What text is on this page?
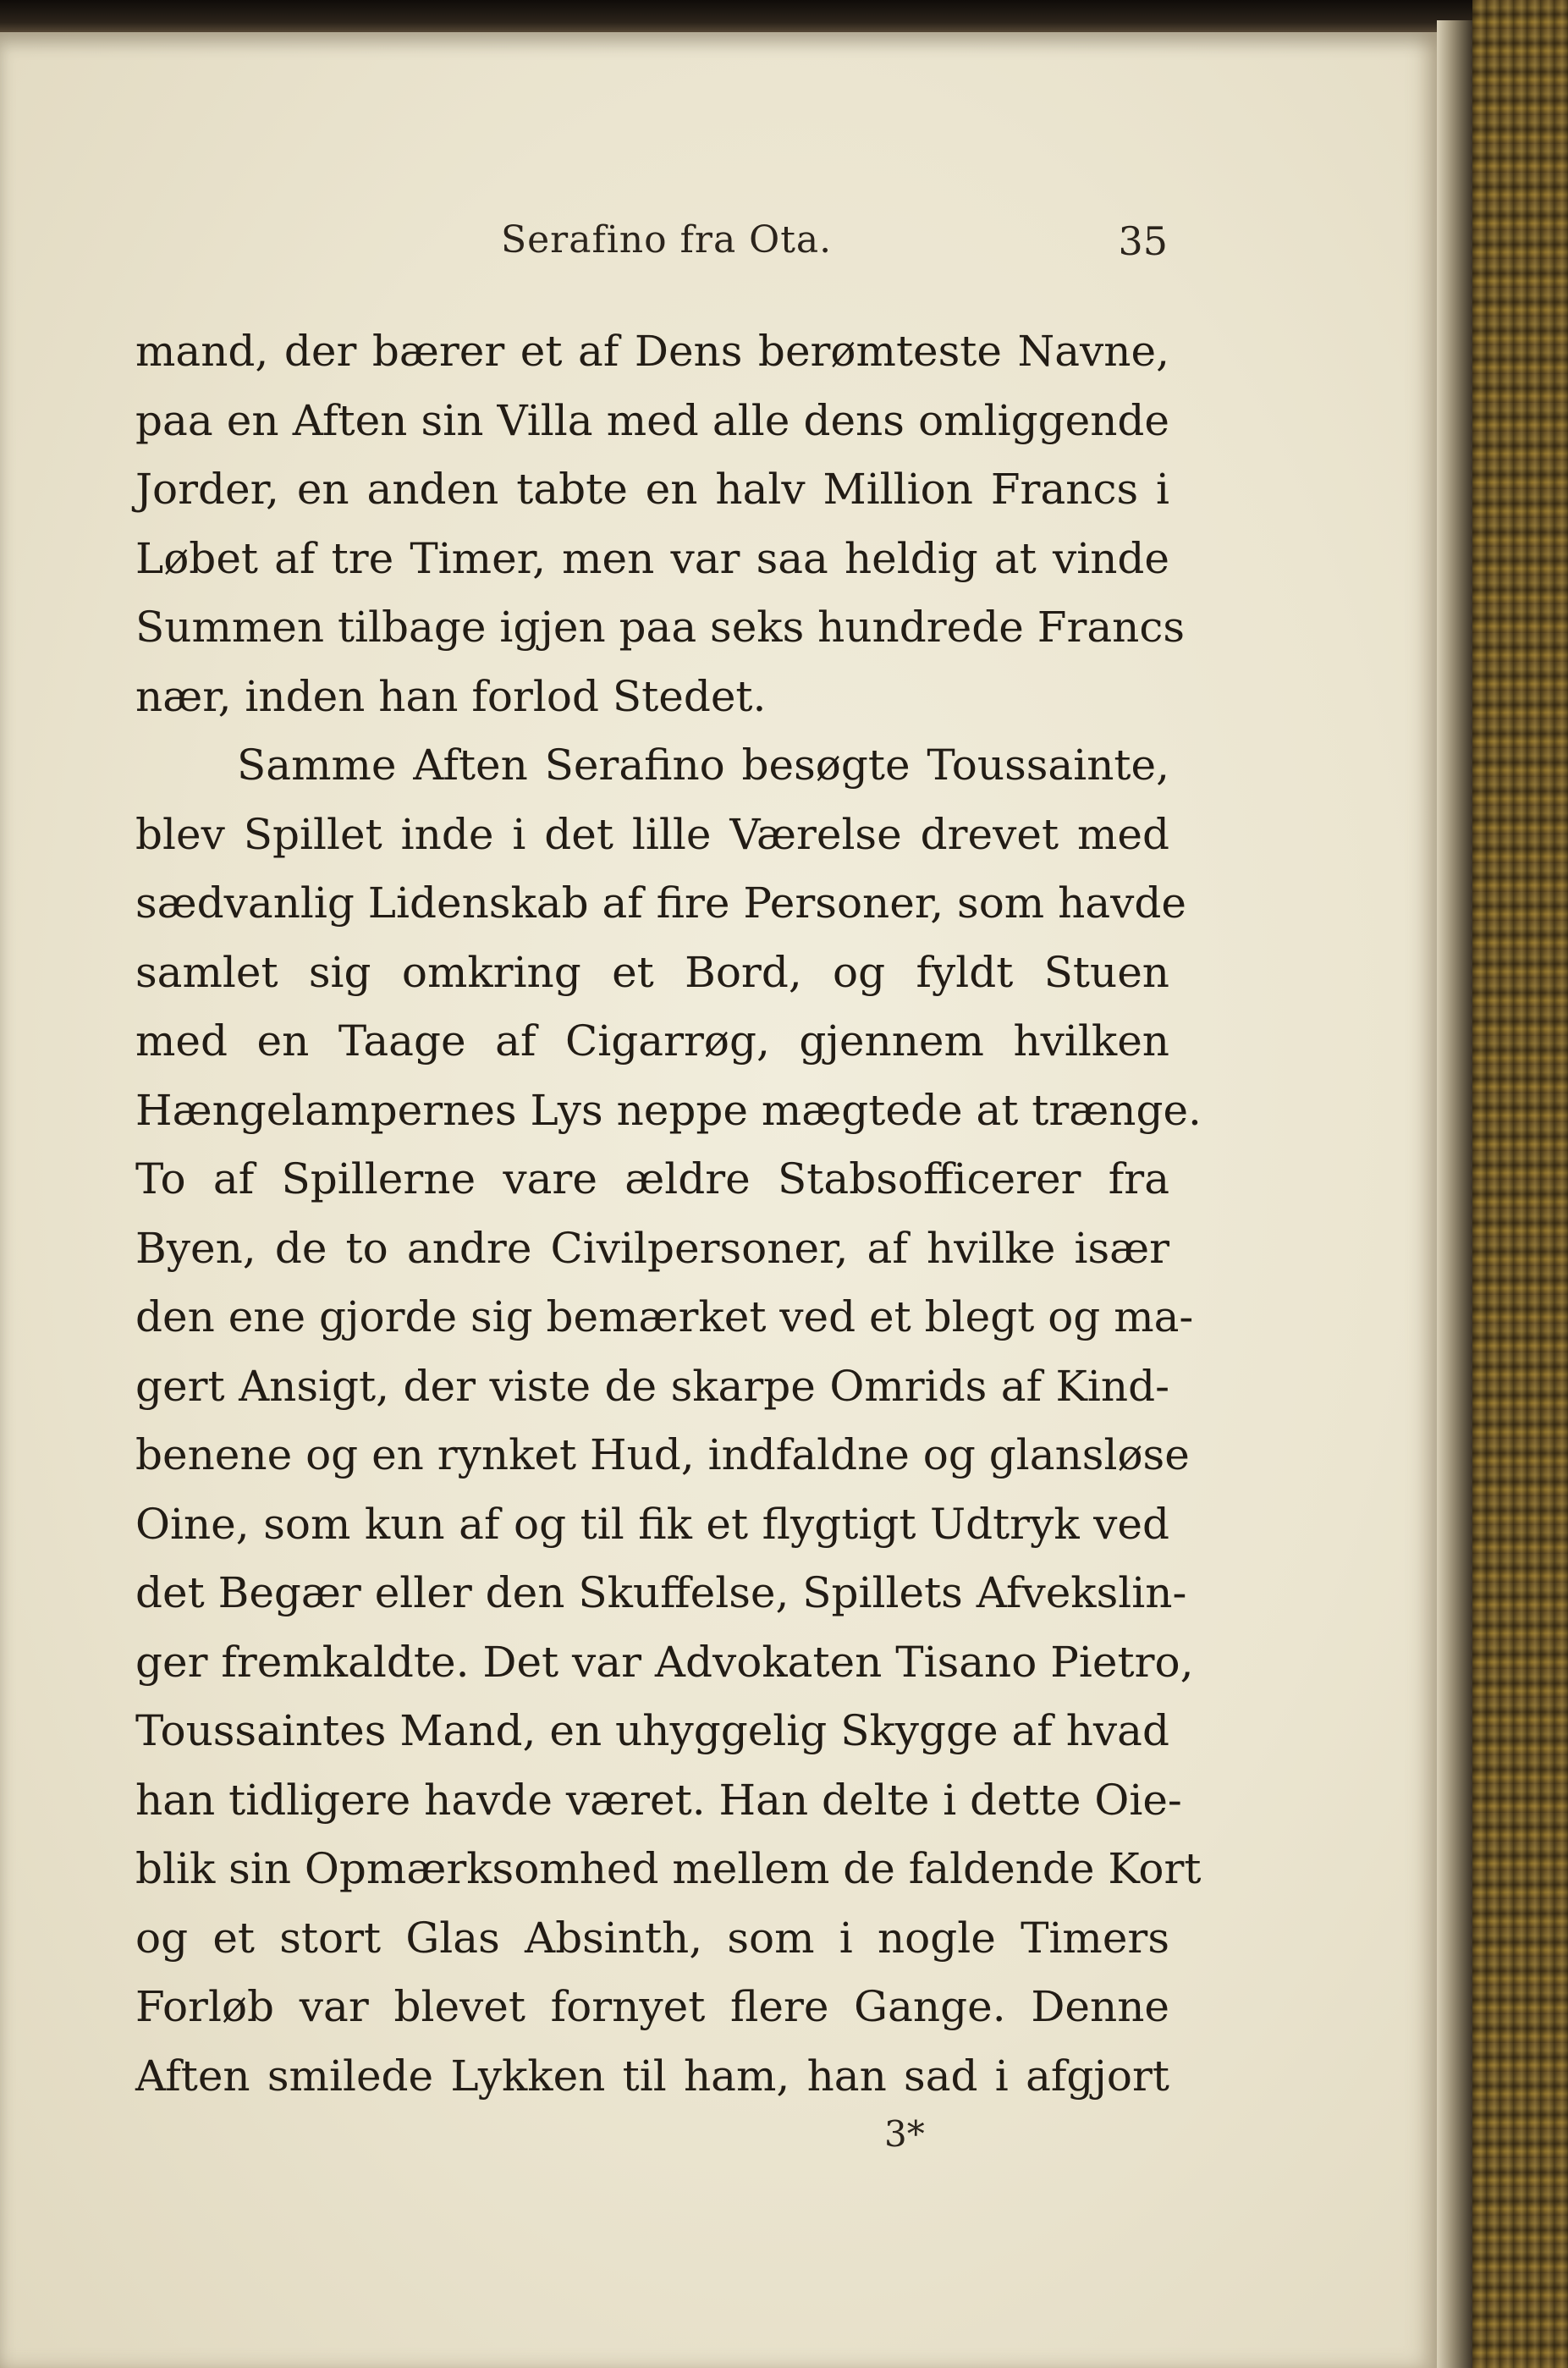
Serafino fra Ota.	35
mand, der bærer et af Dens berømteste Navne,
paa en Aften sin Villa med alle dens omliggende
Jorder, en anden tabte en halv Million Francs i
Løbet af tre Timer, men var saa heldig at vinde
Summen tilbage igjen paa seks hundrede Francs
nær, inden han forlod Stedet.
Samme Aften Serafino besøgte Toussainte,
blev Spillet inde i det lille Værelse drevet med
sædvanlig Lidenskab af fire Personer, som havde
samlet sig omkring et Bord, og fyldt Stuen
med en Taage af Cigarrøg, gjennem hvilken
Hængelampernes Lys neppe mægtede at trænge.
To af Spillerne vare ældre Stabsofficerer fra
Byen, de to andre Civilpersoner, af hvilke især
den ene gjorde sig bemærket ved et blegt og ma-
gert Ansigt, der viste de skarpe Omrids af Kind-
benene og en rynket Hud, indfaldne og glansløse
Oine, som kun af og til fik et flygtigt Udtryk ved
det Begær eller den Skuffelse, Spillets Afvekslin-
ger fremkaldte. Det var Advokaten Tisano Pietro,
Toussaintes Mand, en uhyggelig Skygge af hvad
han tidligere havde været. Han delte i dette Oie-
blik sin Opmærksomhed mellem de faldende Kort
og et stort Glas Absinth, som i nogle Timers
Forløb var blevet fornyet flere Gange. Denne
Aften smilede Lykken til ham, han sad i afgjort
3*
